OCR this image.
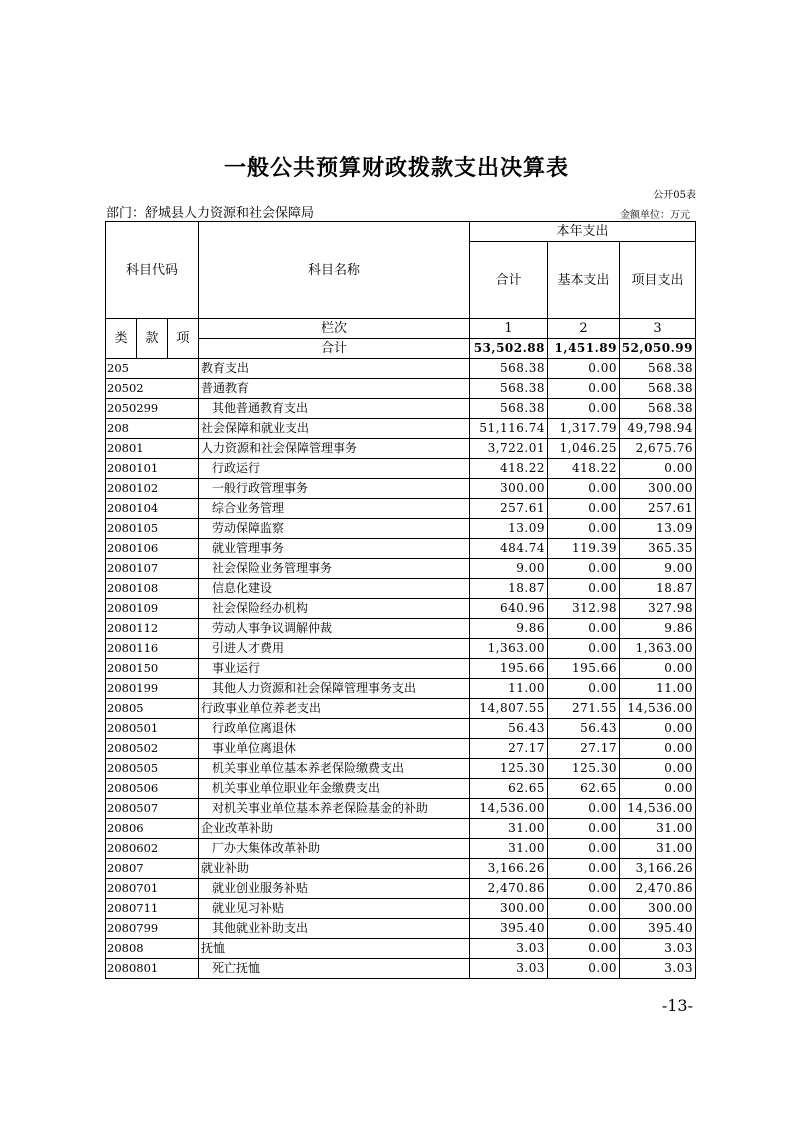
一般公共预算财政拨款支出决算表
公开05表
部门：舒城县人力资源和社会保障局	金额单位：万元
科目代码			科目名称	本年支出		
				合计	基本支出	项目支出

类	款	项	栏次	1	2	3
			合计	53,502.88	1,451.89	52,050.99
205			教育支出	568.38	0.00	568.38
20502			普通教育	568.38	0.00	568.38
2050299			其他普通教育支出	568.38	0.00	568.38
208			社会保障和就业支出	51,116.74	1,317.79	49,798.94
20801			人力资源和社会保障管理事务	3,722.01	1,046.25	2,675.76
2080101			行政运行	418.22	418.22	0.00
2080102			一般行政管理事务	300.00	0.00	300.00
2080104			综合业务管理	257.61	0.00	257.61
2080105			劳动保障监察	13.09	0.00	13.09
2080106			就业管理事务	484.74	119.39	365.35
2080107			社会保险业务管理事务	9.00	0.00	9.00
2080108			信息化建设	18.87	0.00	18.87
2080109			社会保险经办机构	640.96	312.98	327.98
2080112			劳动人事争议调解仲裁	9.86	0.00	9.86
2080116			引进人才费用	1,363.00	0.00	1,363.00
2080150			事业运行	195.66	195.66	0.00
2080199			其他人力资源和社会保障管理事务支出	11.00	0.00	11.00
20805			行政事业单位养老支出	14,807.55	271.55	14,536.00
2080501			行政单位离退休	56.43	56.43	0.00
2080502			事业单位离退休	27.17	27.17	0.00
2080505			机关事业单位基本养老保险缴费支出	125.30	125.30	0.00
2080506			机关事业单位职业年金缴费支出	62.65	62.65	0.00
2080507			对机关事业单位基本养老保险基金的补助	14,536.00	0.00	14,536.00
20806			企业改革补助	31.00	0.00	31.00
2080602			厂办大集体改革补助	31.00	0.00	31.00
20807			就业补助	3,166.26	0.00	3,166.26
2080701			就业创业服务补贴	2,470.86	0.00	2,470.86
2080711			就业见习补贴	300.00	0.00	300.00
2080799			其他就业补助支出	395.40	0.00	395.40
20808			抚恤	3.03	0.00	3.03
2080801			死亡抚恤	3.03	0.00	3.03
-13-
